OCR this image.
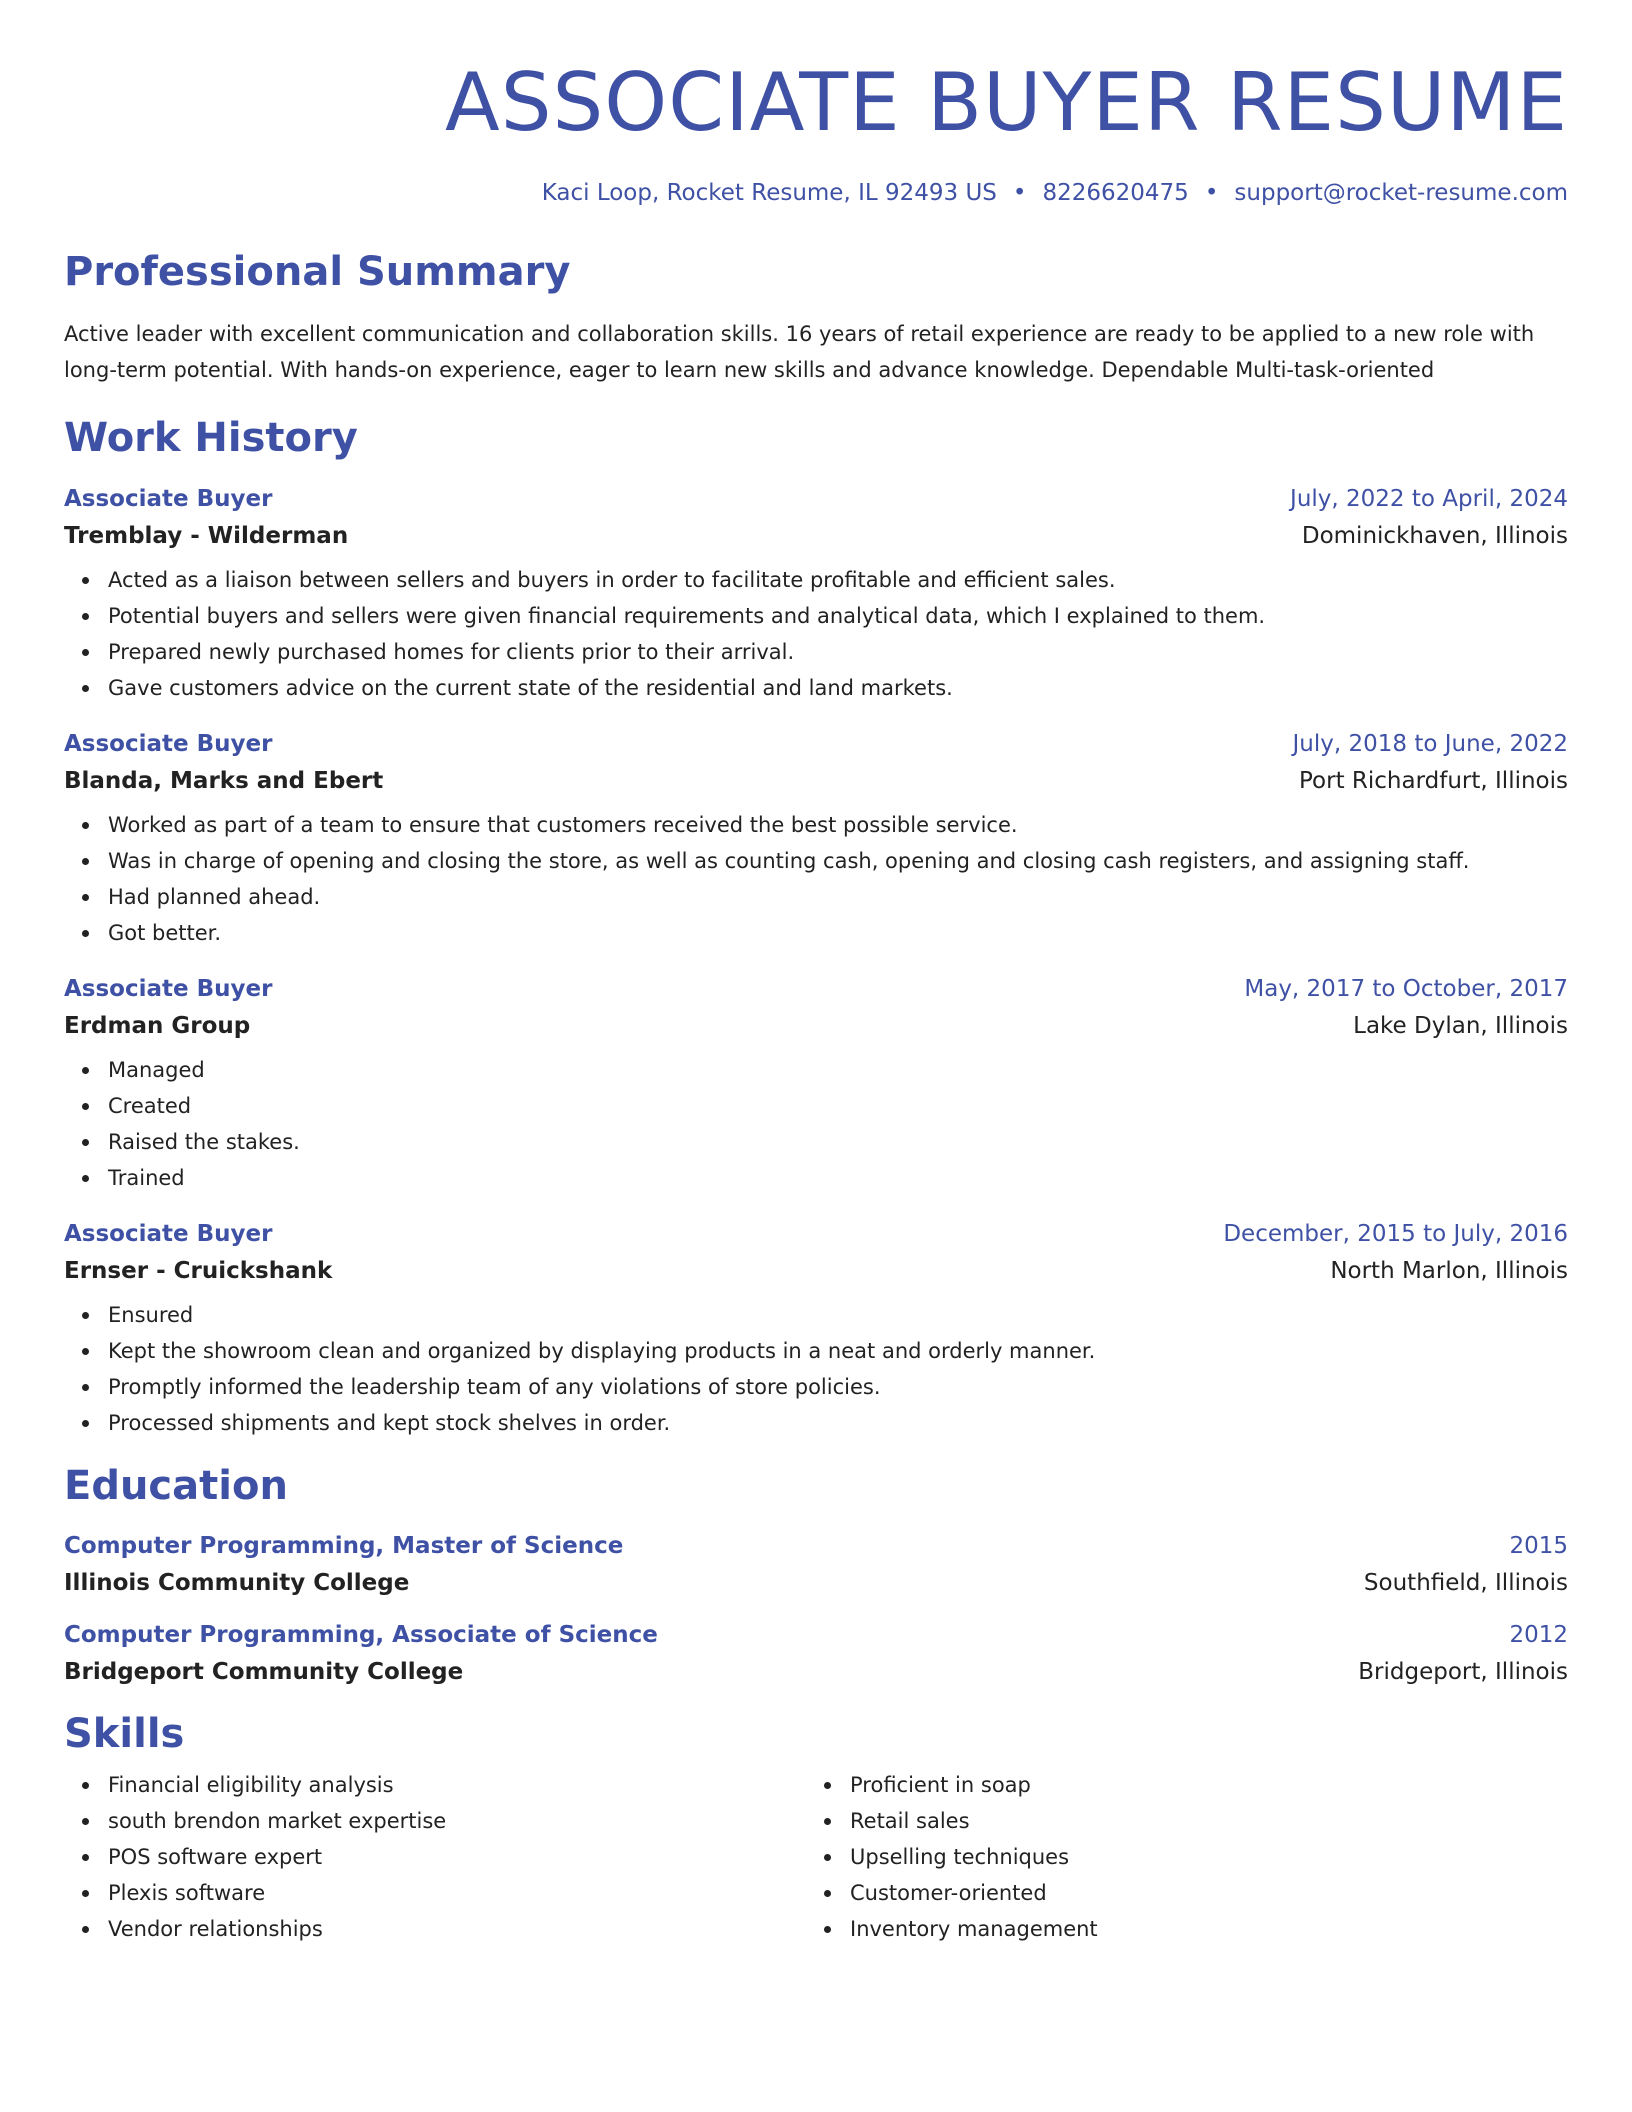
ASSOCIATE BUYER RESUME
Kaci Loop, Rocket Resume, IL 92493 US • 8226620475 • support@rocket-resume.com
Professional Summary
Active leader with excellent communication and collaboration skills. 16 years of retail experience are ready to be applied to a new role with long-term potential. With hands-on experience, eager to learn new skills and advance knowledge. Dependable Multi-task-oriented
Work History
Associate Buyer	July, 2022 to April, 2024
Tremblay - Wilderman	Dominickhaven, Illinois
Acted as a liaison between sellers and buyers in order to facilitate profitable and efficient sales.
Potential buyers and sellers were given financial requirements and analytical data, which I explained to them.
Prepared newly purchased homes for clients prior to their arrival.
Gave customers advice on the current state of the residential and land markets.
Associate Buyer	July, 2018 to June, 2022
Blanda, Marks and Ebert	Port Richardfurt, Illinois
Worked as part of a team to ensure that customers received the best possible service.
Was in charge of opening and closing the store, as well as counting cash, opening and closing cash registers, and assigning staff.
Had planned ahead.
Got better.
Associate Buyer	May, 2017 to October, 2017
Erdman Group	Lake Dylan, Illinois
Managed
Created
Raised the stakes.
Trained
Associate Buyer	December, 2015 to July, 2016
Ernser - Cruickshank	North Marlon, Illinois
Ensured
Kept the showroom clean and organized by displaying products in a neat and orderly manner.
Promptly informed the leadership team of any violations of store policies.
Processed shipments and kept stock shelves in order.
Education
Computer Programming, Master of Science	2015
Illinois Community College	Southfield, Illinois
Computer Programming, Associate of Science	2012
Bridgeport Community College	Bridgeport, Illinois
Skills
Financial eligibility analysis
south brendon market expertise
POS software expert
Plexis software
Vendor relationships
Proficient in soap
Retail sales
Upselling techniques
Customer-oriented
Inventory management
